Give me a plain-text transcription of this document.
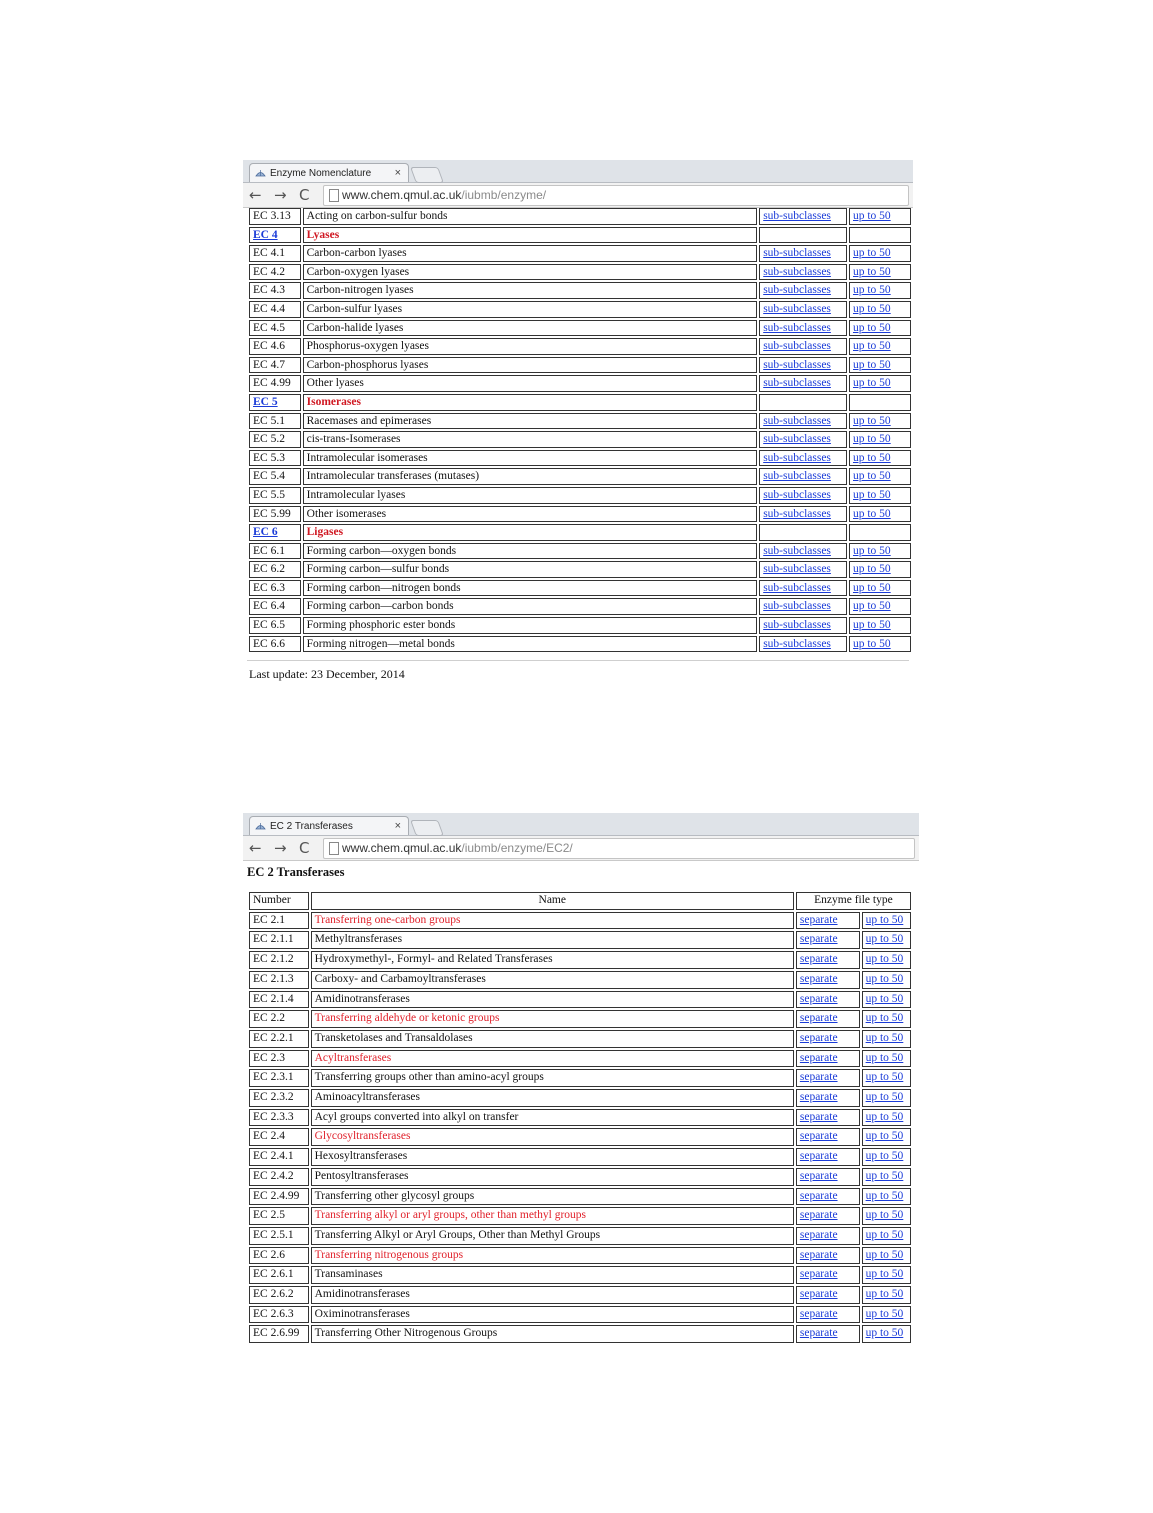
Enzyme Nomenclature ×
← → C	www.chem.qmul.ac.uk/iubmb/enzyme/
EC 3.13	Acting on carbon-sulfur bonds	sub-subclasses	up to 50
EC 4	Lyases		
EC 4.1	Carbon-carbon lyases	sub-subclasses	up to 50
EC 4.2	Carbon-oxygen lyases	sub-subclasses	up to 50
EC 4.3	Carbon-nitrogen lyases	sub-subclasses	up to 50
EC 4.4	Carbon-sulfur lyases	sub-subclasses	up to 50
EC 4.5	Carbon-halide lyases	sub-subclasses	up to 50
EC 4.6	Phosphorus-oxygen lyases	sub-subclasses	up to 50
EC 4.7	Carbon-phosphorus lyases	sub-subclasses	up to 50
EC 4.99	Other lyases	sub-subclasses	up to 50
EC 5	Isomerases		
EC 5.1	Racemases and epimerases	sub-subclasses	up to 50
EC 5.2	cis-trans-Isomerases	sub-subclasses	up to 50
EC 5.3	Intramolecular isomerases	sub-subclasses	up to 50
EC 5.4	Intramolecular transferases (mutases)	sub-subclasses	up to 50
EC 5.5	Intramolecular lyases	sub-subclasses	up to 50
EC 5.99	Other isomerases	sub-subclasses	up to 50
EC 6	Ligases		
EC 6.1	Forming carbon—oxygen bonds	sub-subclasses	up to 50
EC 6.2	Forming carbon—sulfur bonds	sub-subclasses	up to 50
EC 6.3	Forming carbon—nitrogen bonds	sub-subclasses	up to 50
EC 6.4	Forming carbon—carbon bonds	sub-subclasses	up to 50
EC 6.5	Forming phosphoric ester bonds	sub-subclasses	up to 50
EC 6.6	Forming nitrogen—metal bonds	sub-subclasses	up to 50
Last update: 23 December, 2014
EC 2 Transferases	×
← → C	www.chem.qmul.ac.uk/iubmb/enzyme/EC2/
EC 2 Transferases
Number	Name	Enzyme file type	
EC 2.1	Transferring one-carbon groups	separate	up to 50
EC 2.1.1	Methyltransferases	separate	up to 50
EC 2.1.2	Hydroxymethyl-, Formyl- and Related Transferases	separate	up to 50
EC 2.1.3	Carboxy- and Carbamoyltransferases	separate	up to 50
EC 2.1.4	Amidinotransferases	separate	up to 50
EC 2.2	Transferring aldehyde or ketonic groups	separate	up to 50
EC 2.2.1	Transketolases and Transaldolases	separate	up to 50
EC 2.3	Acyltransferases	separate	up to 50
EC 2.3.1	Transferring groups other than amino-acyl groups	separate	up to 50
EC 2.3.2	Aminoacyltransferases	separate	up to 50
EC 2.3.3	Acyl groups converted into alkyl on transfer	separate	up to 50
EC 2.4	Glycosyltransferases	separate	up to 50
EC 2.4.1	Hexosyltransferases	separate	up to 50
EC 2.4.2	Pentosyltransferases	separate	up to 50
EC 2.4.99	Transferring other glycosyl groups	separate	up to 50
EC 2.5	Transferring alkyl or aryl groups, other than methyl groups	separate	up to 50
EC 2.5.1	Transferring Alkyl or Aryl Groups, Other than Methyl Groups	separate	up to 50
EC 2.6	Transferring nitrogenous groups	separate	up to 50
EC 2.6.1	Transaminases	separate	up to 50
EC 2.6.2	Amidinotransferases	separate	up to 50
EC 2.6.3	Oximinotransferases	separate	up to 50
EC 2.6.99	Transferring Other Nitrogenous Groups	separate	up to 50
